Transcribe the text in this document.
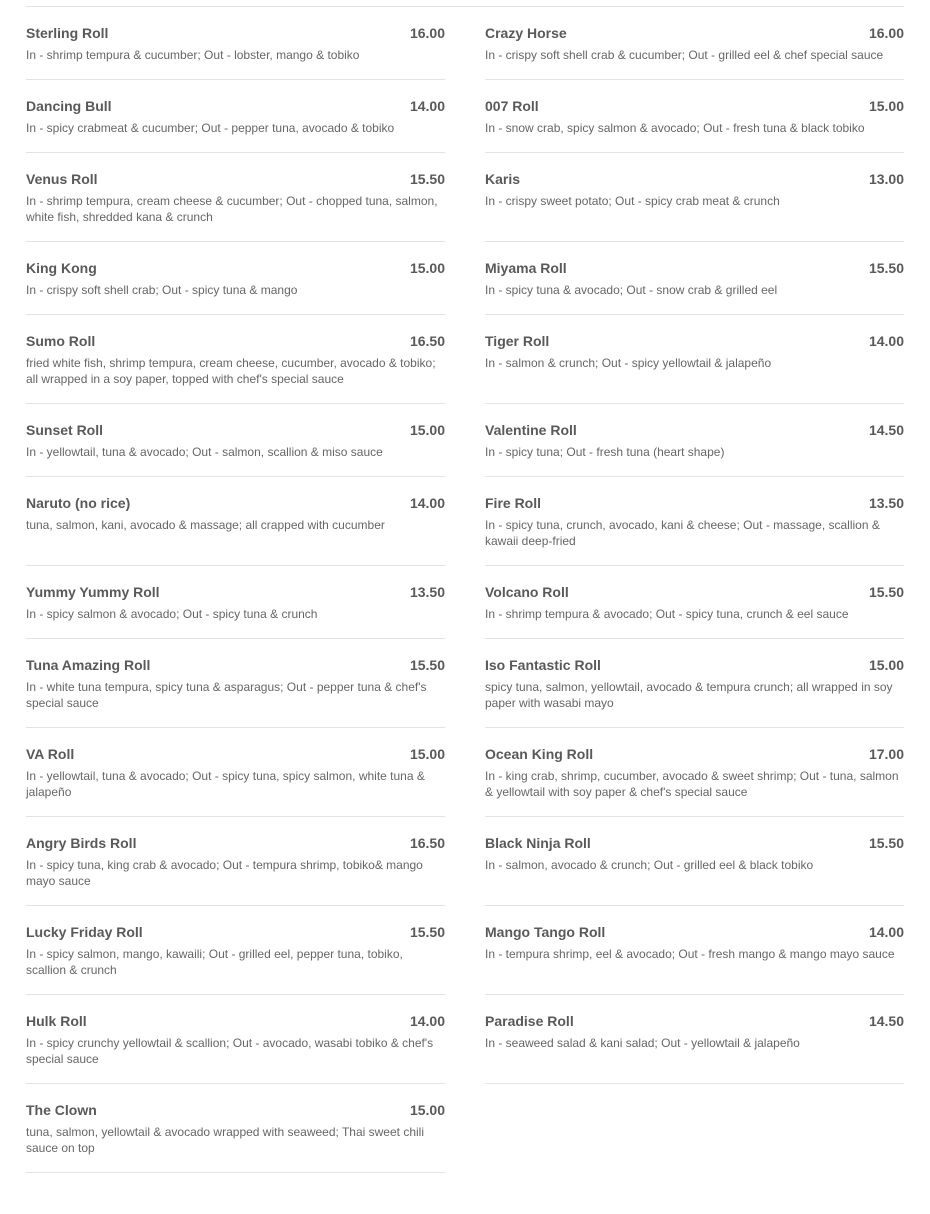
Sterling Roll	16.00
In - shrimp tempura & cucumber; Out - lobster, mango & tobiko
Crazy Horse	16.00
In - crispy soft shell crab & cucumber; Out - grilled eel & chef special sauce
Dancing Bull	14.00
In - spicy crabmeat & cucumber; Out - pepper tuna, avocado & tobiko
007 Roll	15.00
In - snow crab, spicy salmon & avocado; Out - fresh tuna & black tobiko
Venus Roll	15.50
In - shrimp tempura, cream cheese & cucumber; Out - chopped tuna, salmon, white fish, shredded kana & crunch
Karis	13.00
In - crispy sweet potato; Out - spicy crab meat & crunch
King Kong	15.00
In - crispy soft shell crab; Out - spicy tuna & mango
Miyama Roll	15.50
In - spicy tuna & avocado; Out - snow crab & grilled eel
Sumo Roll	16.50
fried white fish, shrimp tempura, cream cheese, cucumber, avocado & tobiko; all wrapped in a soy paper, topped with chef's special sauce
Tiger Roll	14.00
In - salmon & crunch; Out - spicy yellowtail & jalapeño
Sunset Roll	15.00
In - yellowtail, tuna & avocado; Out - salmon, scallion & miso sauce
Valentine Roll	14.50
In - spicy tuna; Out - fresh tuna (heart shape)
Naruto (no rice)	14.00
tuna, salmon, kani, avocado & massage; all crapped with cucumber
Fire Roll	13.50
In - spicy tuna, crunch, avocado, kani & cheese; Out - massage, scallion & kawaii deep-fried
Yummy Yummy Roll	13.50
In - spicy salmon & avocado; Out - spicy tuna & crunch
Volcano Roll	15.50
In - shrimp tempura & avocado; Out - spicy tuna, crunch & eel sauce
Tuna Amazing Roll	15.50
In - white tuna tempura, spicy tuna & asparagus; Out - pepper tuna & chef's special sauce
Iso Fantastic Roll	15.00
spicy tuna, salmon, yellowtail, avocado & tempura crunch; all wrapped in soy paper with wasabi mayo
VA Roll	15.00
In - yellowtail, tuna & avocado; Out - spicy tuna, spicy salmon, white tuna & jalapeño
Ocean King Roll	17.00
In - king crab, shrimp, cucumber, avocado & sweet shrimp; Out - tuna, salmon & yellowtail with soy paper & chef's special sauce
Angry Birds Roll	16.50
In - spicy tuna, king crab & avocado; Out - tempura shrimp, tobiko& mango mayo sauce
Black Ninja Roll	15.50
In - salmon, avocado & crunch; Out - grilled eel & black tobiko
Lucky Friday Roll	15.50
In - spicy salmon, mango, kawaili; Out - grilled eel, pepper tuna, tobiko, scallion & crunch
Mango Tango Roll	14.00
In - tempura shrimp, eel & avocado; Out - fresh mango & mango mayo sauce
Hulk Roll	14.00
In - spicy crunchy yellowtail & scallion; Out - avocado, wasabi tobiko & chef's special sauce
Paradise Roll	14.50
In - seaweed salad & kani salad; Out - yellowtail & jalapeño
The Clown	15.00
tuna, salmon, yellowtail & avocado wrapped with seaweed; Thai sweet chili sauce on top
